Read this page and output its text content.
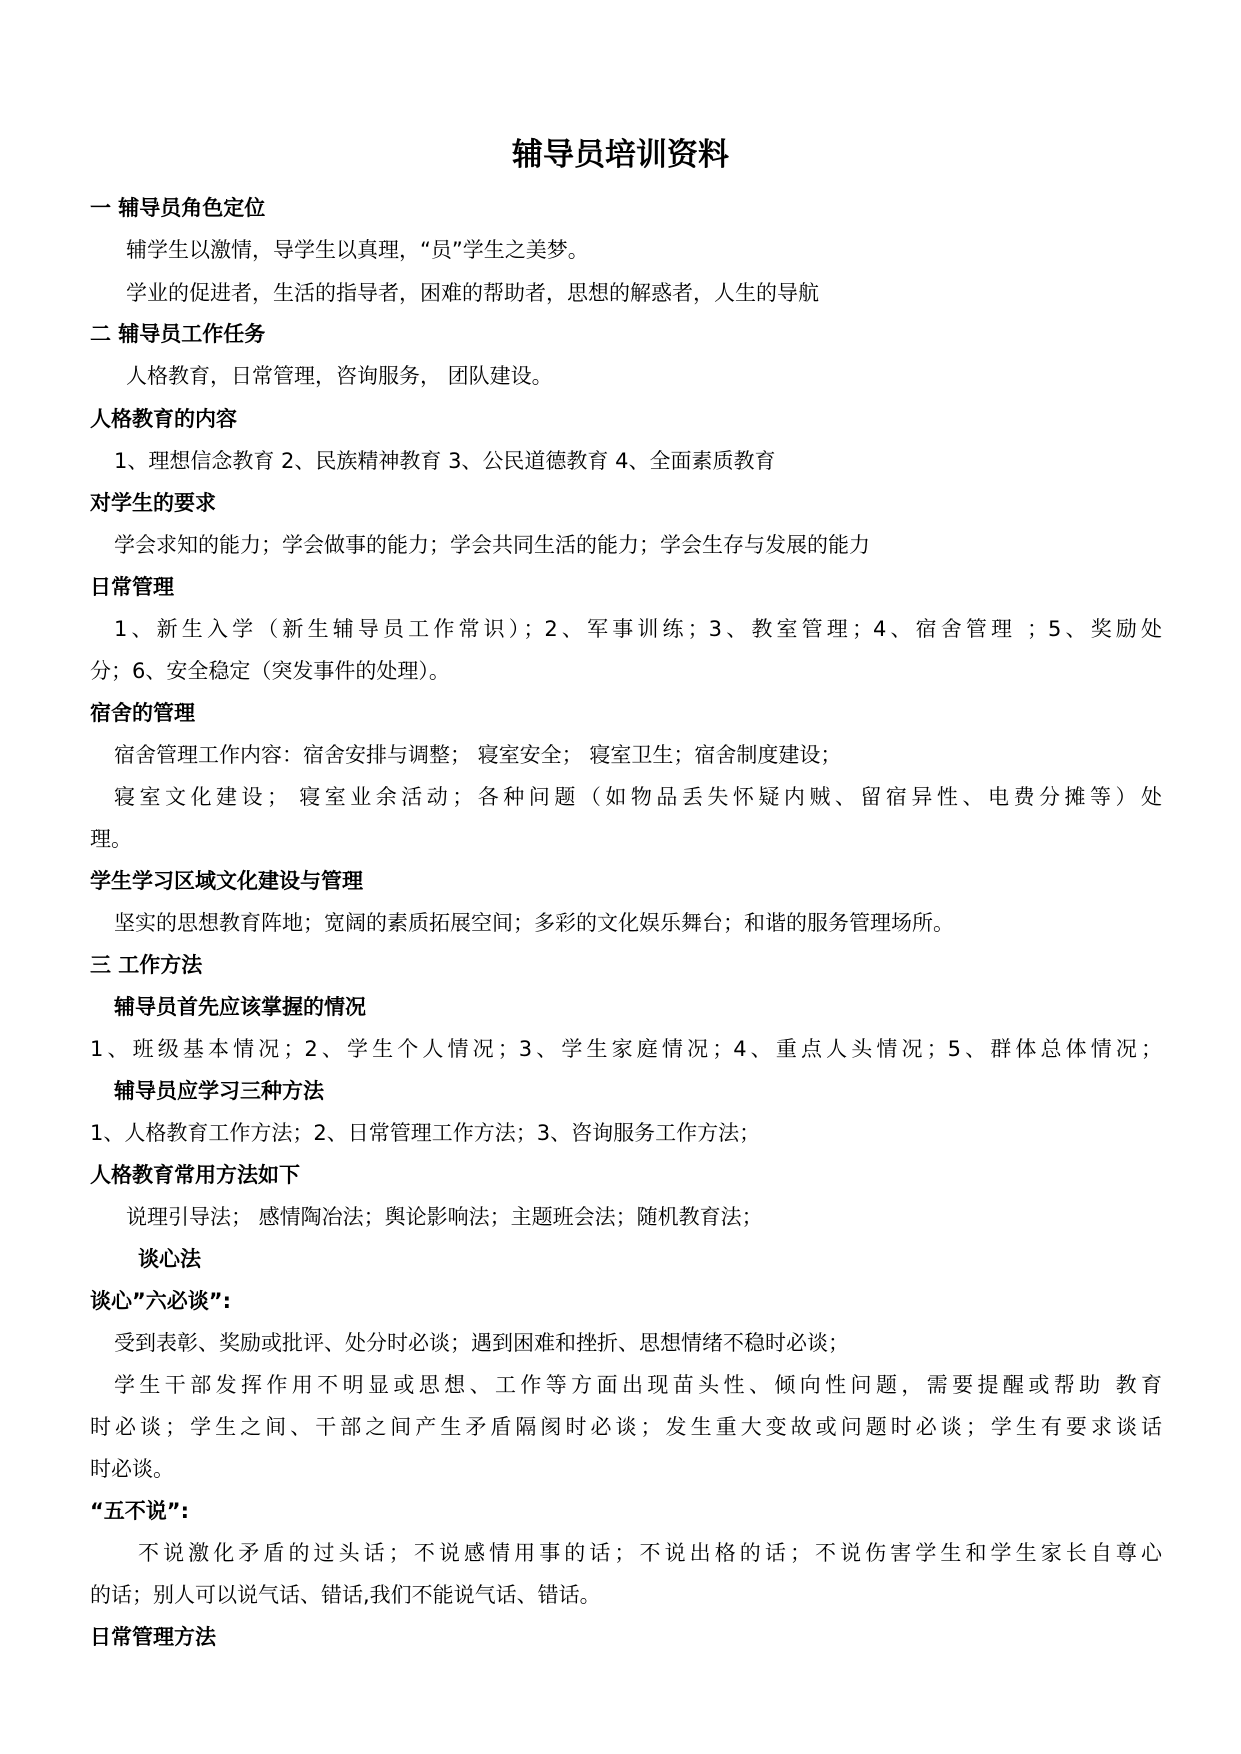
辅导员培训资料
一 辅导员角色定位
辅学生以激情，导学生以真理，“员”学生之美梦。
学业的促进者，生活的指导者，困难的帮助者，思想的解惑者，人生的导航
二 辅导员工作任务
人格教育，日常管理，咨询服务， 团队建设。
人格教育的内容
1、理想信念教育 2、民族精神教育 3、公民道德教育 4、全面素质教育
对学生的要求
学会求知的能力；学会做事的能力；学会共同生活的能力；学会生存与发展的能力
日常管理
1、新生入学（新生辅导员工作常识）；2、军事训练；3、教室管理；4、宿舍管理 ；5、奖励处
分；6、安全稳定（突发事件的处理）。
宿舍的管理
宿舍管理工作内容：宿舍安排与调整； 寝室安全； 寝室卫生；宿舍制度建设；
寝室文化建设； 寝室业余活动；各种问题（如物品丢失怀疑内贼、留宿异性、电费分摊等）处
理。
学生学习区域文化建设与管理
坚实的思想教育阵地；宽阔的素质拓展空间；多彩的文化娱乐舞台；和谐的服务管理场所。
三 工作方法
辅导员首先应该掌握的情况
1、班级基本情况；2、学生个人情况；3、学生家庭情况；4、重点人头情况；5、群体总体情况；
辅导员应学习三种方法
1、人格教育工作方法；2、日常管理工作方法；3、咨询服务工作方法；
人格教育常用方法如下
说理引导法； 感情陶冶法；舆论影响法；主题班会法；随机教育法；
谈心法
谈心”六必谈”:
受到表彰、奖励或批评、处分时必谈；遇到困难和挫折、思想情绪不稳时必谈；
学生干部发挥作用不明显或思想、工作等方面出现苗头性、倾向性问题，需要提醒或帮助 教育
时必谈；学生之间、干部之间产生矛盾隔阂时必谈；发生重大变故或问题时必谈；学生有要求谈话
时必谈。
“五不说”:
不说激化矛盾的过头话；不说感情用事的话；不说出格的话；不说伤害学生和学生家长自尊心
的话；别人可以说气话、错话,我们不能说气话、错话。
日常管理方法
